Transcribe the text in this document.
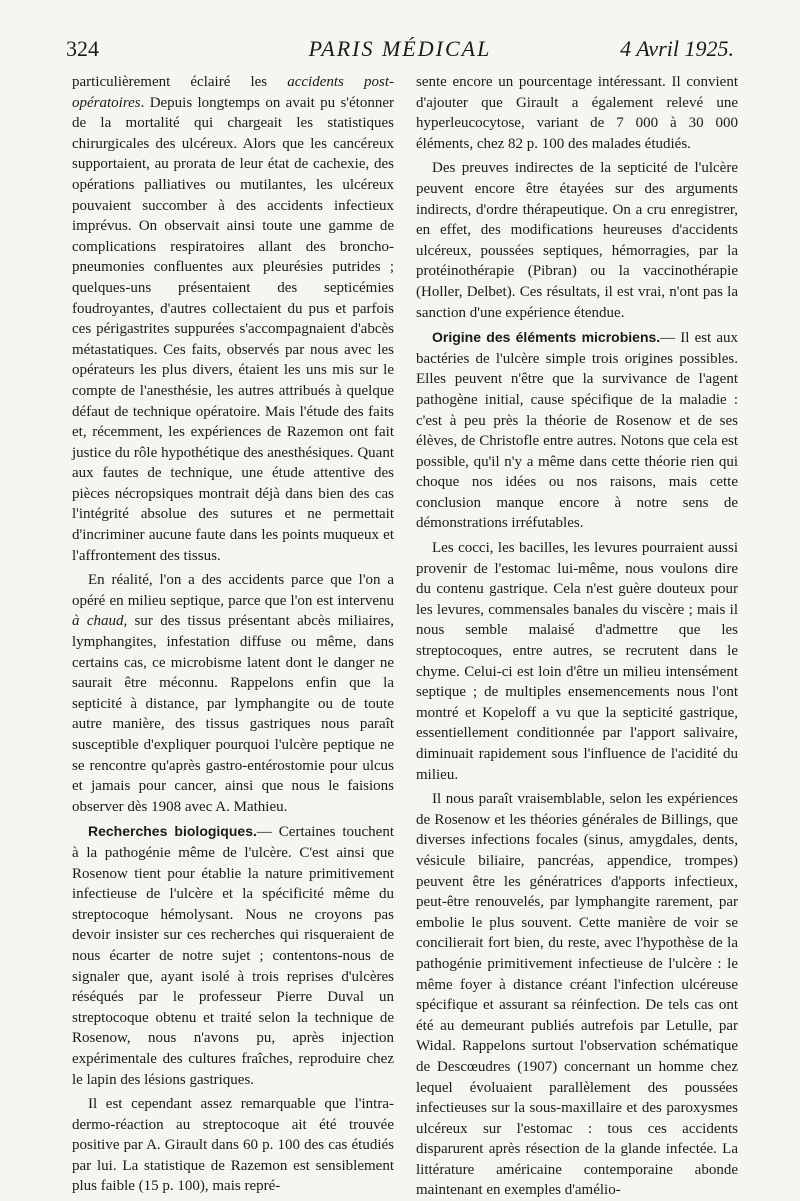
324	PARIS MÉDICAL	4 Avril 1925.

particulièrement éclairé les accidents post-opératoires. Depuis longtemps on avait pu s'étonner de la mortalité qui chargeait les statistiques chirurgicales des ulcéreux. Alors que les cancéreux supportaient, au prorata de leur état de cachexie, des opérations palliatives ou mutilantes, les ulcéreux pouvaient succomber à des accidents infectieux imprévus. On observait ainsi toute une gamme de complications respiratoires allant des broncho-pneumonies confluentes aux pleurésies putrides ; quelques-uns présentaient des septicémies foudroyantes, d'autres collectaient du pus et parfois ces périgastrites suppurées s'accompagnaient d'abcès métastatiques. Ces faits, observés par nous avec les opérateurs les plus divers, étaient les uns mis sur le compte de l'anesthésie, les autres attribués à quelque défaut de technique opératoire. Mais l'étude des faits et, récemment, les expériences de Razemon ont fait justice du rôle hypothétique des anesthésiques. Quant aux fautes de technique, une étude attentive des pièces nécropsiques montrait déjà dans bien des cas l'intégrité absolue des sutures et ne permettait d'incriminer aucune faute dans les points muqueux et l'affrontement des tissus.

En réalité, l'on a des accidents parce que l'on a opéré en milieu septique, parce que l'on est intervenu à chaud, sur des tissus présentant abcès miliaires, lymphangites, infestation diffuse ou même, dans certains cas, ce microbisme latent dont le danger ne saurait être méconnu. Rappelons enfin que la septicité à distance, par lymphangite ou de toute autre manière, des tissus gastriques nous paraît susceptible d'expliquer pourquoi l'ulcère peptique ne se rencontre qu'après gastro-entérostomie pour ulcus et jamais pour cancer, ainsi que nous le faisions observer dès 1908 avec A. Mathieu.

Recherches biologiques.— Certaines touchent à la pathogénie même de l'ulcère. C'est ainsi que Rosenow tient pour établie la nature primitivement infectieuse de l'ulcère et la spécificité même du streptocoque hémolysant. Nous ne croyons pas devoir insister sur ces recherches qui risqueraient de nous écarter de notre sujet ; contentons-nous de signaler que, ayant isolé à trois reprises d'ulcères réséqués par le professeur Pierre Duval un streptocoque obtenu et traité selon la technique de Rosenow, nous n'avons pu, après injection expérimentale des cultures fraîches, reproduire chez le lapin des lésions gastriques.

Il est cependant assez remarquable que l'intra-dermo-réaction au streptocoque ait été trouvée positive par A. Girault dans 60 p. 100 des cas étudiés par lui. La statistique de Razemon est sensiblement plus faible (15 p. 100), mais repré-

sente encore un pourcentage intéressant. Il convient d'ajouter que Girault a également relevé une hyperleucocytose, variant de 7 000 à 30 000 éléments, chez 82 p. 100 des malades étudiés.

Des preuves indirectes de la septicité de l'ulcère peuvent encore être étayées sur des arguments indirects, d'ordre thérapeutique. On a cru enregistrer, en effet, des modifications heureuses d'accidents ulcéreux, poussées septiques, hémorragies, par la protéinothérapie (Pibran) ou la vaccinothérapie (Holler, Delbet). Ces résultats, il est vrai, n'ont pas la sanction d'une expérience étendue.

Origine des éléments microbiens.— Il est aux bactéries de l'ulcère simple trois origines possibles. Elles peuvent n'être que la survivance de l'agent pathogène initial, cause spécifique de la maladie : c'est à peu près la théorie de Rosenow et de ses élèves, de Christofle entre autres. Notons que cela est possible, qu'il n'y a même dans cette théorie rien qui choque nos idées ou nos raisons, mais cette conclusion manque encore à notre sens de démonstrations irréfutables.

Les cocci, les bacilles, les levures pourraient aussi provenir de l'estomac lui-même, nous voulons dire du contenu gastrique. Cela n'est guère douteux pour les levures, commensales banales du viscère ; mais il nous semble malaisé d'admettre que les streptocoques, entre autres, se recrutent dans le chyme. Celui-ci est loin d'être un milieu intensément septique ; de multiples ensemencements nous l'ont montré et Kopeloff a vu que la septicité gastrique, essentiellement conditionnée par l'apport salivaire, diminuait rapidement sous l'influence de l'acidité du milieu.

Il nous paraît vraisemblable, selon les expériences de Rosenow et les théories générales de Billings, que diverses infections focales (sinus, amygdales, dents, vésicule biliaire, pancréas, appendice, trompes) peuvent être les génératrices d'apports infectieux, peut-être renouvelés, par lymphangite rarement, par embolie le plus souvent. Cette manière de voir se concilierait fort bien, du reste, avec l'hypothèse de la pathogénie primitivement infectieuse de l'ulcère : le même foyer à distance créant l'infection ulcéreuse spécifique et assurant sa réinfection. De tels cas ont été au demeurant publiés autrefois par Letulle, par Widal. Rappelons surtout l'observation schématique de Descœudres (1907) concernant un homme chez lequel évoluaient parallèlement des poussées infectieuses sur la sous-maxillaire et des paroxysmes ulcéreux sur l'estomac : tous ces accidents disparurent après résection de la glande infectée. La littérature américaine contemporaine abonde maintenant en exemples d'amélio-
